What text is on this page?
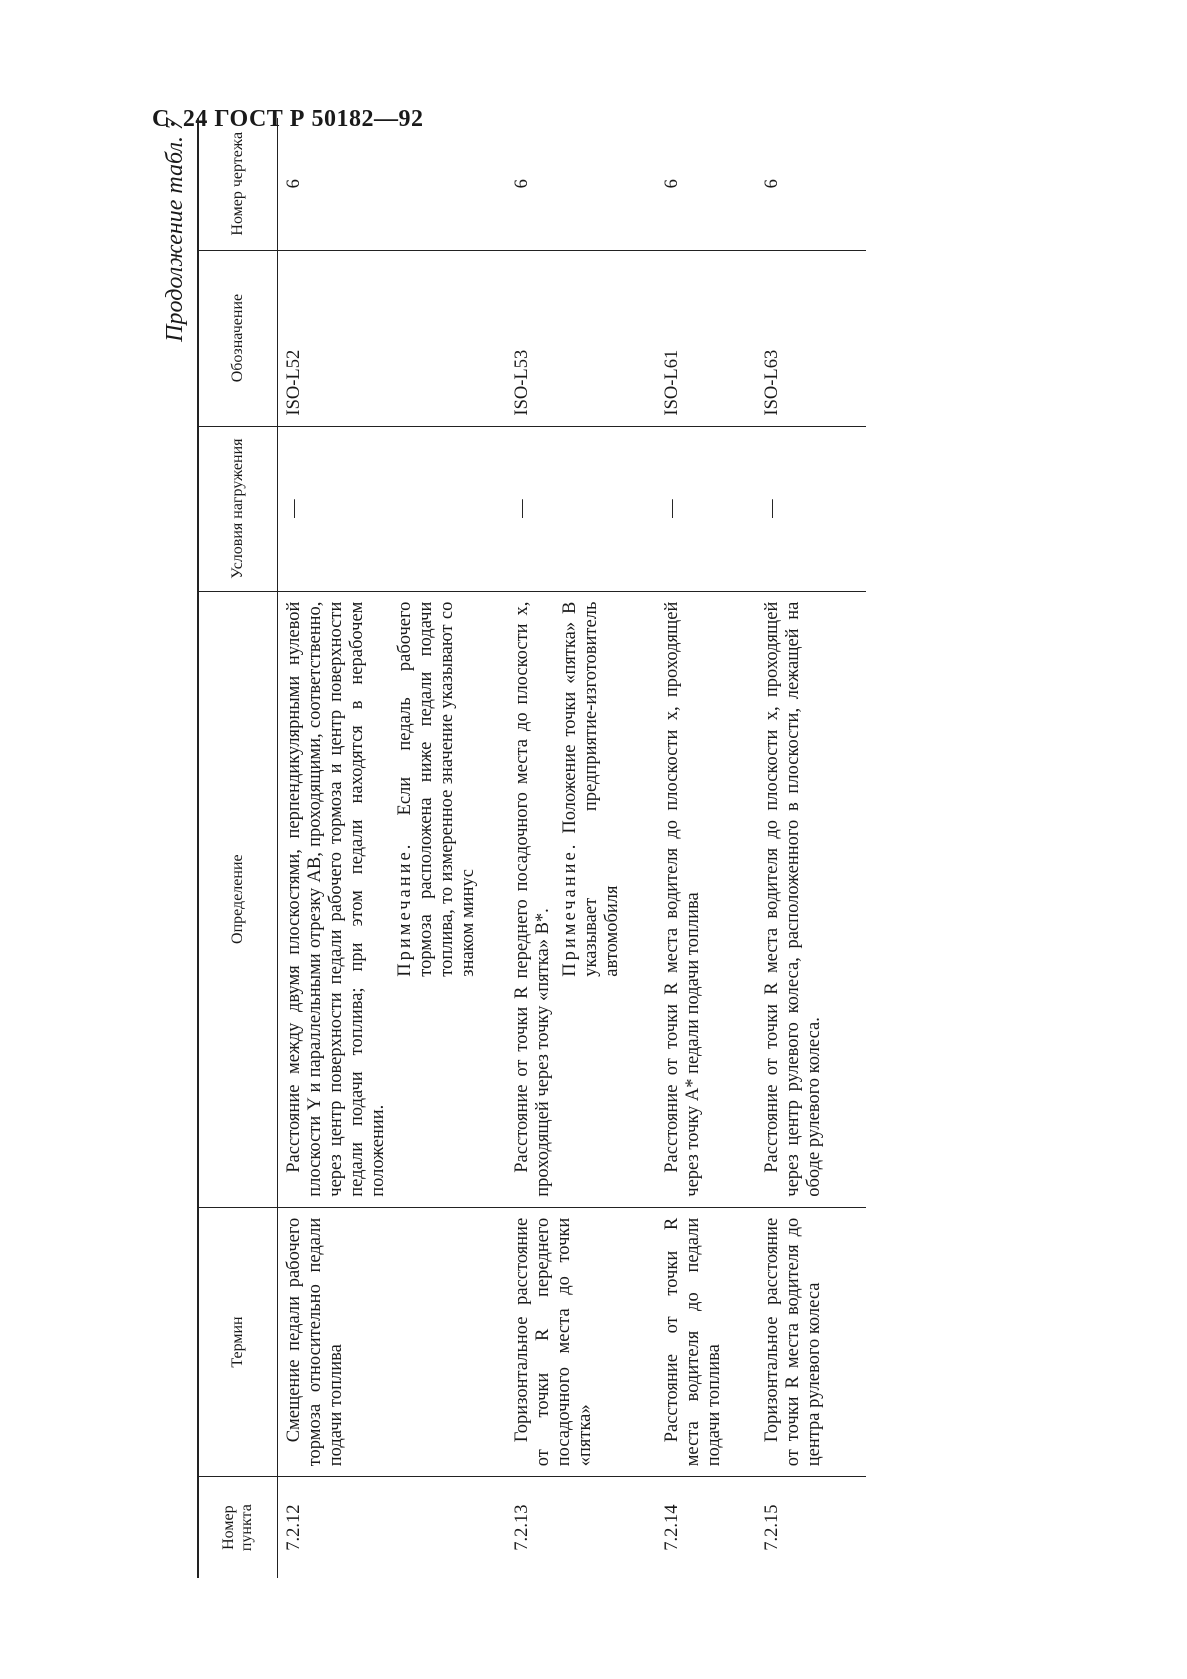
С. 24 ГОСТ Р 50182—92
Продолжение табл. 7
Номер пункта	Термин	Определение	Условия нагружения	Обозначение	Номер чертежа
7.2.12	Смещение педали рабочего тормоза относительно педали подачи топлива	Расстояние между двумя плоскостями, перпендикулярными нулевой плоскости Y и параллельными отрезку AB, проходящими, соответственно, через центр поверхности педали рабочего тормоза и центр поверхности педали подачи топлива; при этом педали находятся в нерабочем положении.

Примечание. Если педаль рабочего тормоза расположена ниже педали подачи топлива, то измеренное значение указывают со знаком минус	—	ISO-L52	6
7.2.13	Горизонтальное расстояние от точки R переднего посадочного места до точки «пятка»	Расстояние от точки R переднего посадочного места до плоскости x, проходящей через точку «пятка» B*. Примечание. Положение точки «пятка» B указывает предприятие-изготовитель автомобиля	—	ISO-L53	6
7.2.14	Расстояние от точки R места водителя до педали подачи топлива	Расстояние от точки R места водителя до плоскости x, проходящей через точку A* педали подачи топлива	—	ISO-L61	6
7.2.15	Горизонтальное расстояние от точки R места водителя до центра рулевого колеса	Расстояние от точки R места водителя до плоскости x, проходящей через центр рулевого колеса, расположенного в плоскости, лежащей на ободе рулевого колеса.	—	ISO-L63	6
